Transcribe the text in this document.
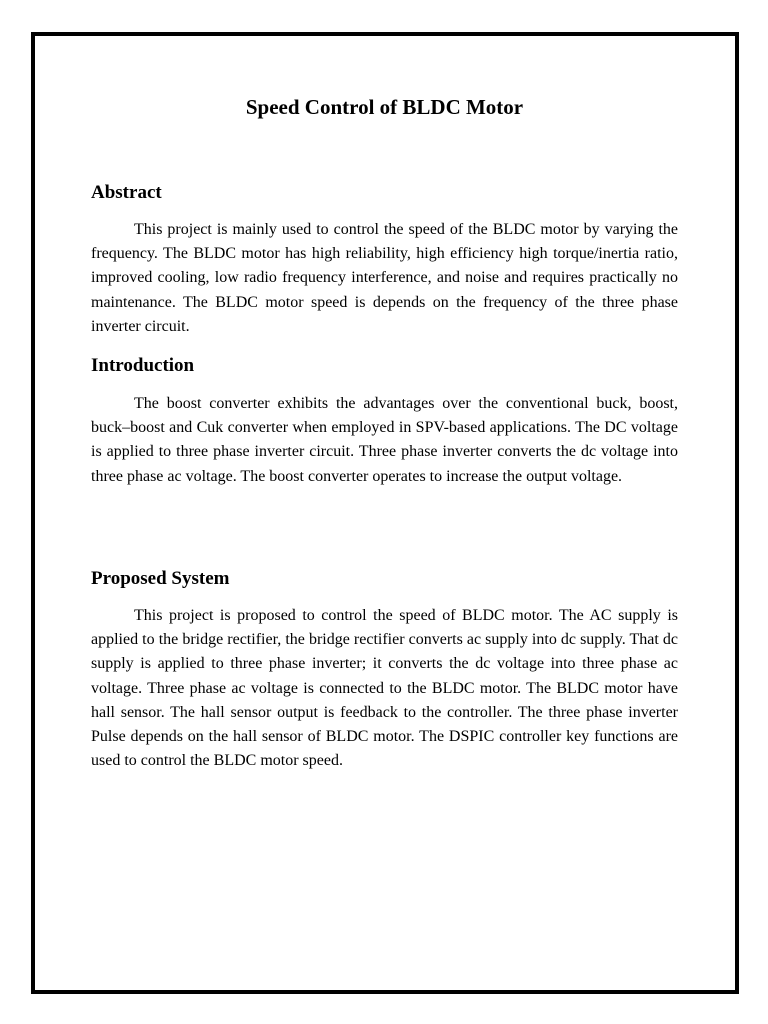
Speed Control of BLDC Motor
Abstract

This project is mainly used to control the speed of the BLDC motor by varying the frequency. The BLDC motor has high reliability, high efficiency high torque/inertia ratio, improved cooling, low radio frequency interference, and noise and requires practically no maintenance. The BLDC motor speed is depends on the frequency of the three phase inverter circuit.

Introduction

The boost converter exhibits the advantages over the conventional buck, boost, buck–boost and Cuk converter when employed in SPV-based applications. The DC voltage is applied to three phase inverter circuit. Three phase inverter converts the dc voltage into three phase ac voltage. The boost converter operates to increase the output voltage.

Proposed System

This project is proposed to control the speed of BLDC motor. The AC supply is applied to the bridge rectifier, the bridge rectifier converts ac supply into dc supply. That dc supply is applied to three phase inverter; it converts the dc voltage into three phase ac voltage. Three phase ac voltage is connected to the BLDC motor. The BLDC motor have hall sensor. The hall sensor output is feedback to the controller. The three phase inverter Pulse depends on the hall sensor of BLDC motor. The DSPIC controller key functions are used to control the BLDC motor speed.
